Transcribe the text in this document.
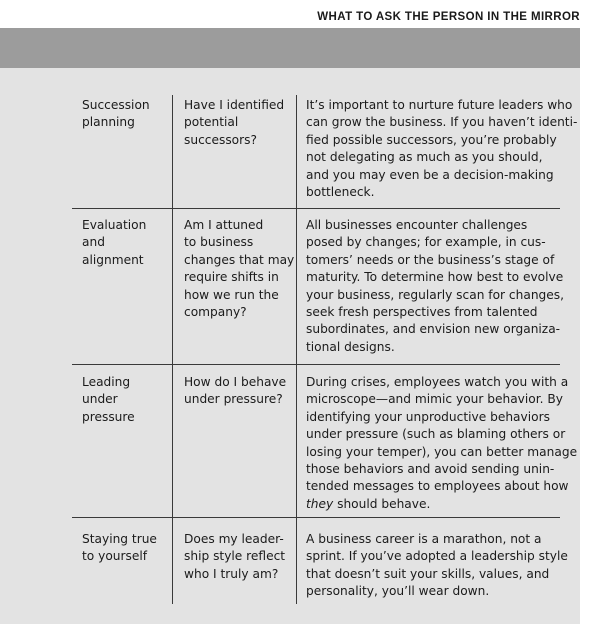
WHAT TO ASK THE PERSON IN THE MIRROR
Succession
planning
Have I identified
potential
successors?
It’s important to nurture future leaders who
can grow the business. If you haven’t identi-
fied possible successors, you’re probably
not delegating as much as you should,
and you may even be a decision-making
bottleneck.
Evaluation
and
alignment
Am I attuned
to business
changes that may
require shifts in
how we run the
company?
All businesses encounter challenges
posed by changes; for example, in cus-
tomers’ needs or the business’s stage of
maturity. To determine how best to evolve
your business, regularly scan for changes,
seek fresh perspectives from talented
subordinates, and envision new organiza-
tional designs.
Leading
under
pressure
How do I behave
under pressure?
During crises, employees watch you with a
microscope—and mimic your behavior. By
identifying your unproductive behaviors
under pressure (such as blaming others or
losing your temper), you can better manage
those behaviors and avoid sending unin-
tended messages to employees about how
they should behave.
Staying true
to yourself
Does my leader-
ship style reflect
who I truly am?
A business career is a marathon, not a
sprint. If you’ve adopted a leadership style
that doesn’t suit your skills, values, and
personality, you’ll wear down.
